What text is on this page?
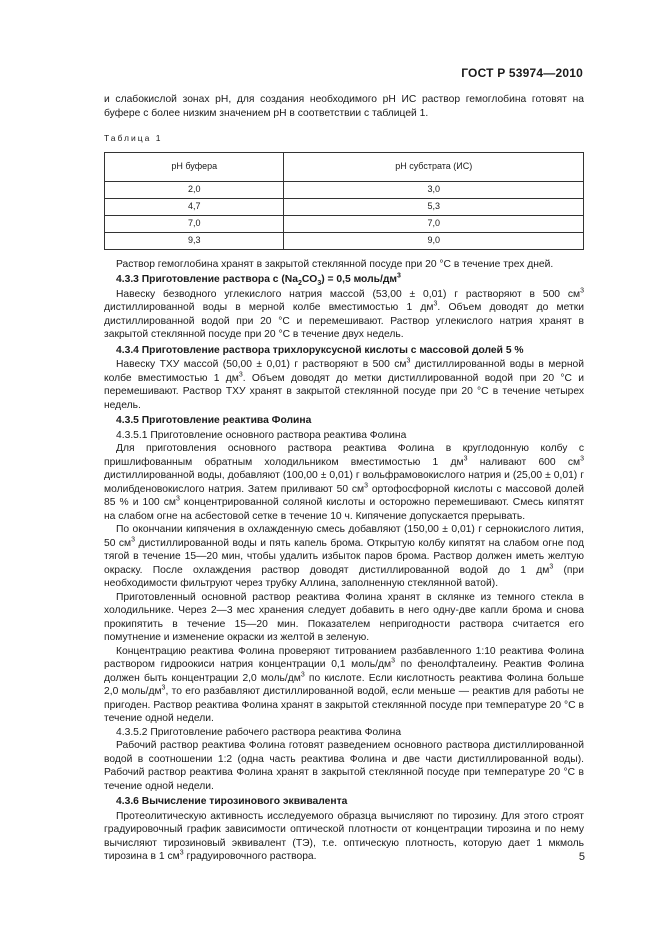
ГОСТ Р 53974—2010

и слабокислой зонах pH, для создания необходимого pH ИС раствор гемоглобина готовят на буфере с более низким значением pH в соответствии с таблицей 1.

Таблица 1
pH буфера	pH субстрата (ИС)
2,0	3,0
4,7	5,3
7,0	7,0
9,3	9,0

Раствор гемоглобина хранят в закрытой стеклянной посуде при 20 °С в течение трех дней.

4.3.3 Приготовление раствора с $(Na_2CO_3) = 0,5$ моль/$дм^3$

Навеску безводного углекислого натрия массой (53,00 ± 0,01) г растворяют в 500 $см^3$ дистиллированной воды в мерной колбе вместимостью 1 $дм^3$. Объем доводят до метки дистиллированной водой при 20 °С и перемешивают. Раствор углекислого натрия хранят в закрытой стеклянной посуде при 20 °С в течение двух недель.

4.3.4 Приготовление раствора трихлоруксусной кислоты с массовой долей 5 %

Навеску ТХУ массой (50,00 ± 0,01) г растворяют в 500 $см^3$ дистиллированной воды в мерной колбе вместимостью 1 $дм^3$. Объем доводят до метки дистиллированной водой при 20 °С и перемешивают. Раствор ТХУ хранят в закрытой стеклянной посуде при 20 °С в течение четырех недель.

4.3.5 Приготовление реактива Фолина

4.3.5.1 Приготовление основного раствора реактива Фолина

Для приготовления основного раствора реактива Фолина в круглодонную колбу с пришлифованным обратным холодильником вместимостью 1 $дм^3$ наливают 600 $см^3$ дистиллированной воды, добавляют (100,00 ± 0,01) г вольфрамовокислого натрия и (25,00 ± 0,01) г молибденовокислого натрия. Затем приливают 50 $см^3$ ортофосфорной кислоты с массовой долей 85 % и 100 $см^3$ концентрированной соляной кислоты и осторожно перемешивают. Смесь кипятят на слабом огне на асбестовой сетке в течение 10 ч. Кипячение допускается прерывать.

По окончании кипячения в охлажденную смесь добавляют (150,00 ± 0,01) г сернокислого лития, 50 $см^3$ дистиллированной воды и пять капель брома. Открытую колбу кипятят на слабом огне под тягой в течение 15—20 мин, чтобы удалить избыток паров брома. Раствор должен иметь желтую окраску. После охлаждения раствор доводят дистиллированной водой до 1 $дм^3$ (при необходимости фильтруют через трубку Аллина, заполненную стеклянной ватой).

Приготовленный основной раствор реактива Фолина хранят в склянке из темного стекла в холодильнике. Через 2—3 мес хранения следует добавить в него одну-две капли брома и снова прокипятить в течение 15—20 мин. Показателем непригодности раствора считается его помутнение и изменение окраски из желтой в зеленую.

Концентрацию реактива Фолина проверяют титрованием разбавленного 1:10 реактива Фолина раствором гидроокиси натрия концентрации 0,1 моль/$дм^3$ по фенолфталеину. Реактив Фолина должен быть концентрации 2,0 моль/$дм^3$ по кислоте. Если кислотность реактива Фолина больше 2,0 моль/$дм^3$, то его разбавляют дистиллированной водой, если меньше — реактив для работы не пригоден. Раствор реактива Фолина хранят в закрытой стеклянной посуде при температуре 20 °С в течение одной недели.

4.3.5.2 Приготовление рабочего раствора реактива Фолина

Рабочий раствор реактива Фолина готовят разведением основного раствора дистиллированной водой в соотношении 1:2 (одна часть реактива Фолина и две части дистиллированной воды). Рабочий раствор реактива Фолина хранят в закрытой стеклянной посуде при температуре 20 °С в течение одной недели.

4.3.6 Вычисление тирозинового эквивалента

Протеолитическую активность исследуемого образца вычисляют по тирозину. Для этого строят градуировочный график зависимости оптической плотности от концентрации тирозина и по нему вычисляют тирозиновый эквивалент (ТЭ), т.е. оптическую плотность, которую дает 1 мкмоль тирозина в 1 $см^3$ градуировочного раствора.	5
